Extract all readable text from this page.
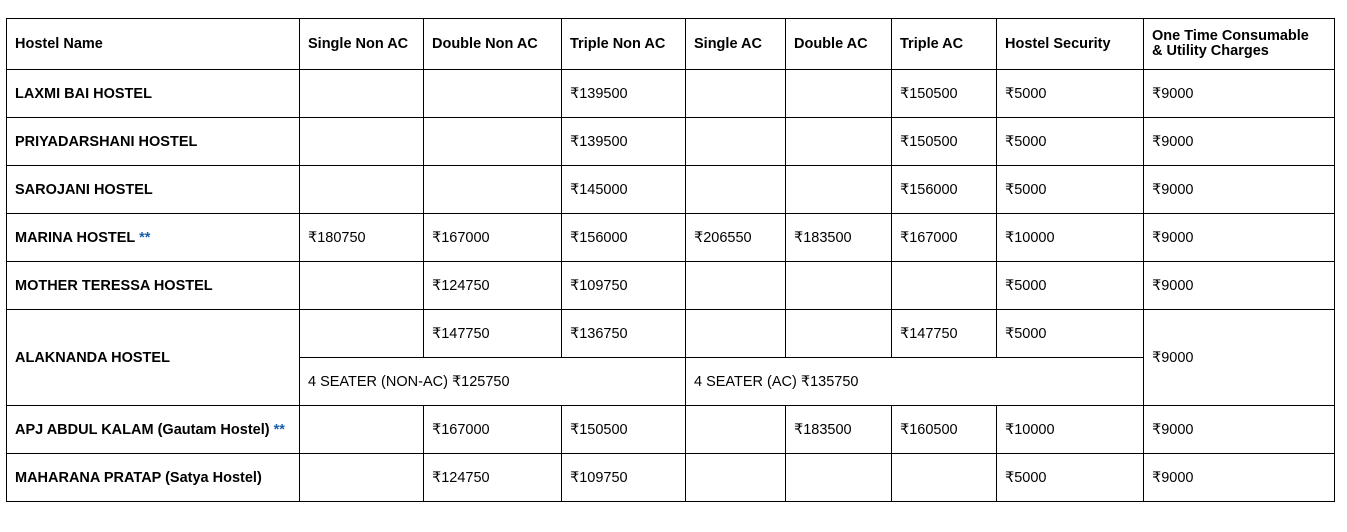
Hostel Name	Single Non AC	Double Non AC	Triple Non AC	Single AC	Double AC	Triple AC	Hostel Security	One Time Consumable
& Utility Charges
LAXMI BAI HOSTEL			₹139500			₹150500	₹5000	₹9000
PRIYADARSHANI HOSTEL			₹139500			₹150500	₹5000	₹9000
SAROJANI HOSTEL			₹145000			₹156000	₹5000	₹9000
MARINA HOSTEL **	₹180750	₹167000	₹156000	₹206550	₹183500	₹167000	₹10000	₹9000
MOTHER TERESSA HOSTEL		₹124750	₹109750				₹5000	₹9000
ALAKNANDA HOSTEL		₹147750	₹136750			₹147750	₹5000	₹9000
	4 SEATER (NON-AC) ₹125750			4 SEATER (AC) ₹135750				
APJ ABDUL KALAM (Gautam Hostel) **		₹167000	₹150500		₹183500	₹160500	₹10000	₹9000
MAHARANA PRATAP (Satya Hostel)		₹124750	₹109750				₹5000	₹9000
